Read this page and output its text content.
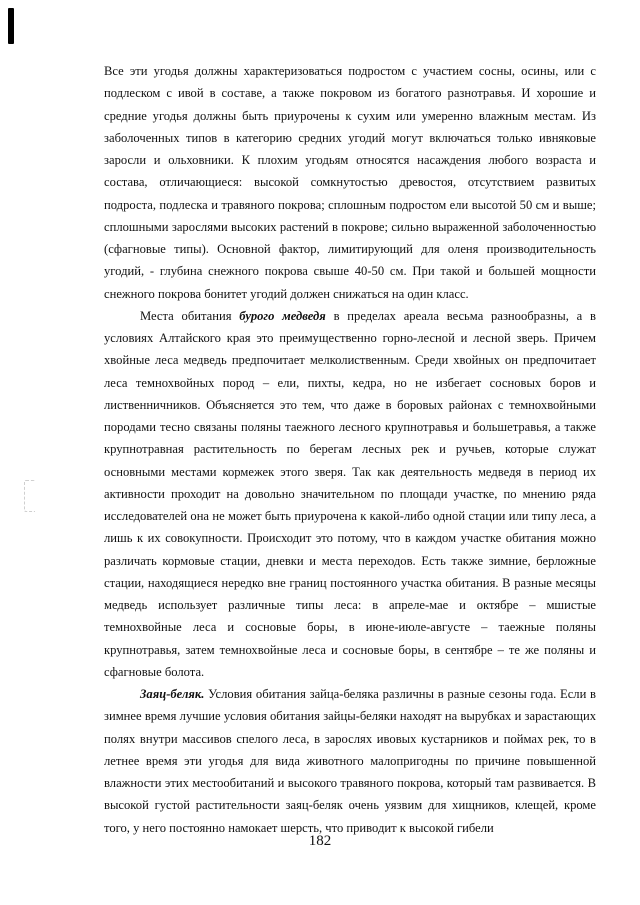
Все эти угодья должны характеризоваться подростом с участием сосны, осины, или с подлеском с ивой в составе, а также покровом из богатого разнотравья. И хорошие и средние угодья должны быть приурочены к сухим или умеренно влажным местам. Из заболоченных типов в категорию средних угодий могут включаться только ивняковые заросли и ольховники. К плохим угодьям относятся насаждения любого возраста и состава, отличающиеся: высокой сомкнутостью древостоя, отсутствием развитых подроста, подлеска и травяного покрова; сплошным подростом ели высотой 50 см и выше; сплошными зарослями высоких растений в покрове; сильно выраженной заболоченностью (сфагновые типы). Основной фактор, лимитирующий для оленя производительность угодий, - глубина снежного покрова свыше 40-50 см. При такой и большей мощности снежного покрова бонитет угодий должен снижаться на один класс.

Места обитания бурого медведя в пределах ареала весьма разнообразны, а в условиях Алтайского края это преимущественно горно-лесной и лесной зверь. Причем хвойные леса медведь предпочитает мелколиственным. Среди хвойных он предпочитает леса темнохвойных пород – ели, пихты, кедра, но не избегает сосновых боров и лиственничников. Объясняется это тем, что даже в боровых районах с темнохвойными породами тесно связаны поляны таежного лесного крупнотравья и большетравья, а также крупнотравная растительность по берегам лесных рек и ручьев, которые служат основными местами кормежек этого зверя. Так как деятельность медведя в период их активности проходит на довольно значительном по площади участке, по мнению ряда исследователей она не может быть приурочена к какой-либо одной стации или типу леса, а лишь к их совокупности. Происходит это потому, что в каждом участке обитания можно различать кормовые стации, дневки и места переходов. Есть также зимние, берложные стации, находящиеся нередко вне границ постоянного участка обитания. В разные месяцы медведь использует различные типы леса: в апреле-мае и октябре – мшистые темнохвойные леса и сосновые боры, в июне-июле-августе – таежные поляны крупнотравья, затем темнохвойные леса и сосновые боры, в сентябре – те же поляны и сфагновые болота.

Заяц-беляк. Условия обитания зайца-беляка различны в разные сезоны года. Если в зимнее время лучшие условия обитания зайцы-беляки находят на вырубках и зарастающих полях внутри массивов спелого леса, в зарослях ивовых кустарников и поймах рек, то в летнее время эти угодья для вида животного малопригодны по причине повышенной влажности этих местообитаний и высокого травяного покрова, который там развивается. В высокой густой растительности заяц-беляк очень уязвим для хищников, клещей, кроме того, у него постоянно намокает шерсть, что приводит к высокой гибели

182
